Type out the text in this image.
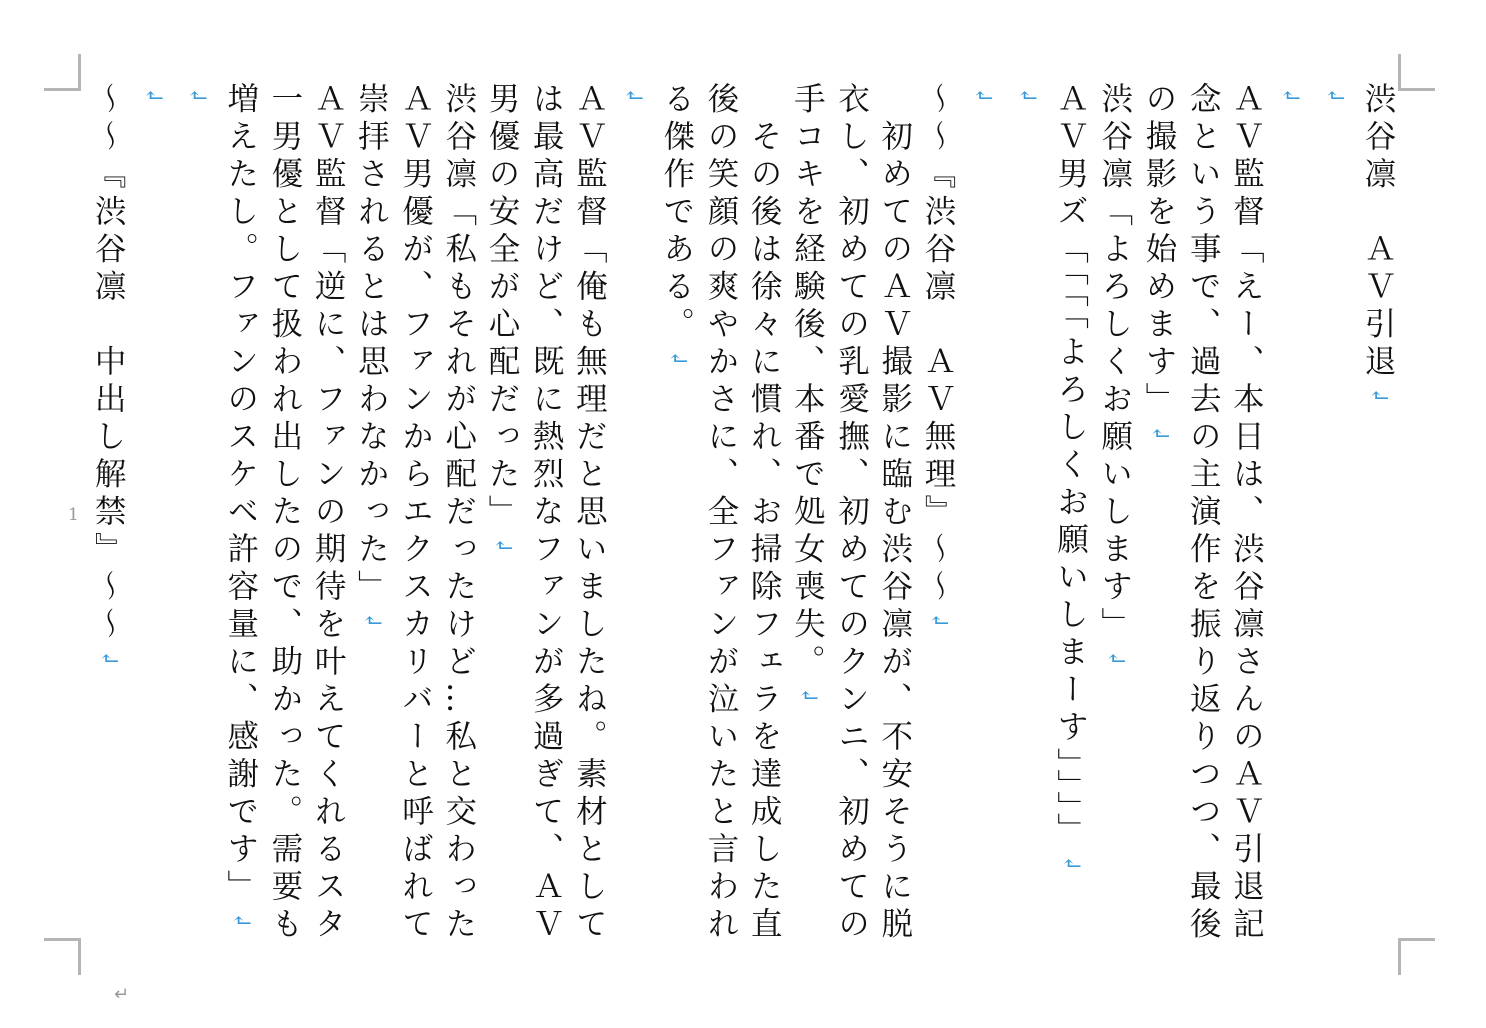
渋谷凛　ＡＶ引退↲
↲
↲
ＡＶ監督「えー、本日は、渋谷凛さんのＡＶ引退記念という事で、過去の主演作を振り返りつつ、最後の撮影を始めます」↲
渋谷凛「よろしくお願いします」↲
ＡＶ男ズ「「「「よろしくお願いしまーす」」」」↲
↲
↲
〜〜『渋谷凛　ＡＶ無理』〜〜↲
　初めてのＡＶ撮影に臨む渋谷凛が、不安そうに脱衣し、初めての乳愛撫、初めてのクンニ、初めての手コキを経験後、本番で処女喪失。↲
　その後は徐々に慣れ、お掃除フェラを達成した直後の笑顔の爽やかさに、全ファンが泣いたと言われる傑作である。↲
↲
ＡＶ監督「俺も無理だと思いましたね。素材としては最高だけど、既に熱烈なファンが多過ぎて、ＡＶ男優の安全が心配だった」↲
渋谷凛「私もそれが心配だったけど…私と交わったＡＶ男優が、ファンからエクスカリバーと呼ばれて崇拝されるとは思わなかった」↲
ＡＶ監督「逆に、ファンの期待を叶えてくれるスタ一男優として扱われ出したので、助かった。需要も増えたし。ファンのスケベ許容量に、感謝です」↲
↲
↲
〜〜『渋谷凛　中出し解禁』〜〜↲
1
↵
